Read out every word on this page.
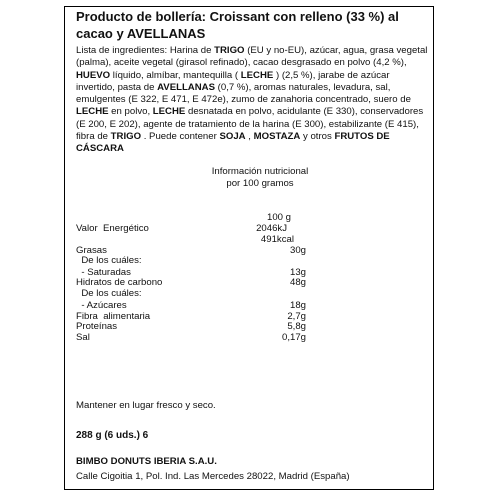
Producto de bollería: Croissant con relleno (33 %) al cacao y AVELLANAS

Lista de ingredientes: Harina de TRIGO (EU y no-EU), azúcar, agua, grasa vegetal (palma), aceite vegetal (girasol refinado), cacao desgrasado en polvo (4,2 %), HUEVO líquido, almíbar, mantequilla ( LECHE ) (2,5 %), jarabe de azúcar invertido, pasta de AVELLANAS (0,7 %), aromas naturales, levadura, sal, emulgentes (E 322, E 471, E 472e), zumo de zanahoria concentrado, suero de LECHE en polvo, LECHE desnatada en polvo, acidulante (E 330), conservadores (E 200, E 202), agente de tratamiento de la harina (E 300), estabilizante (E 415), fibra de TRIGO . Puede contener SOJA , MOSTAZA y otros FRUTOS DE CÁSCARA

Información nutricional
por 100 gramos
100 g
Valor  Energético	2046kJ
491kcal
Grasas	30g
De los cuáles:
- Saturadas	13g
Hidratos de carbono	48g
De los cuáles:
- Azúcares	18g
Fibra  alimentaria	2,7g
Proteínas	5,8g
Sal	0,17g
Mantener en lugar fresco y seco.
288 g (6 uds.) 6
BIMBO DONUTS IBERIA S.A.U.
Calle Cigoitia 1, Pol. Ind. Las Mercedes 28022, Madrid (España)
